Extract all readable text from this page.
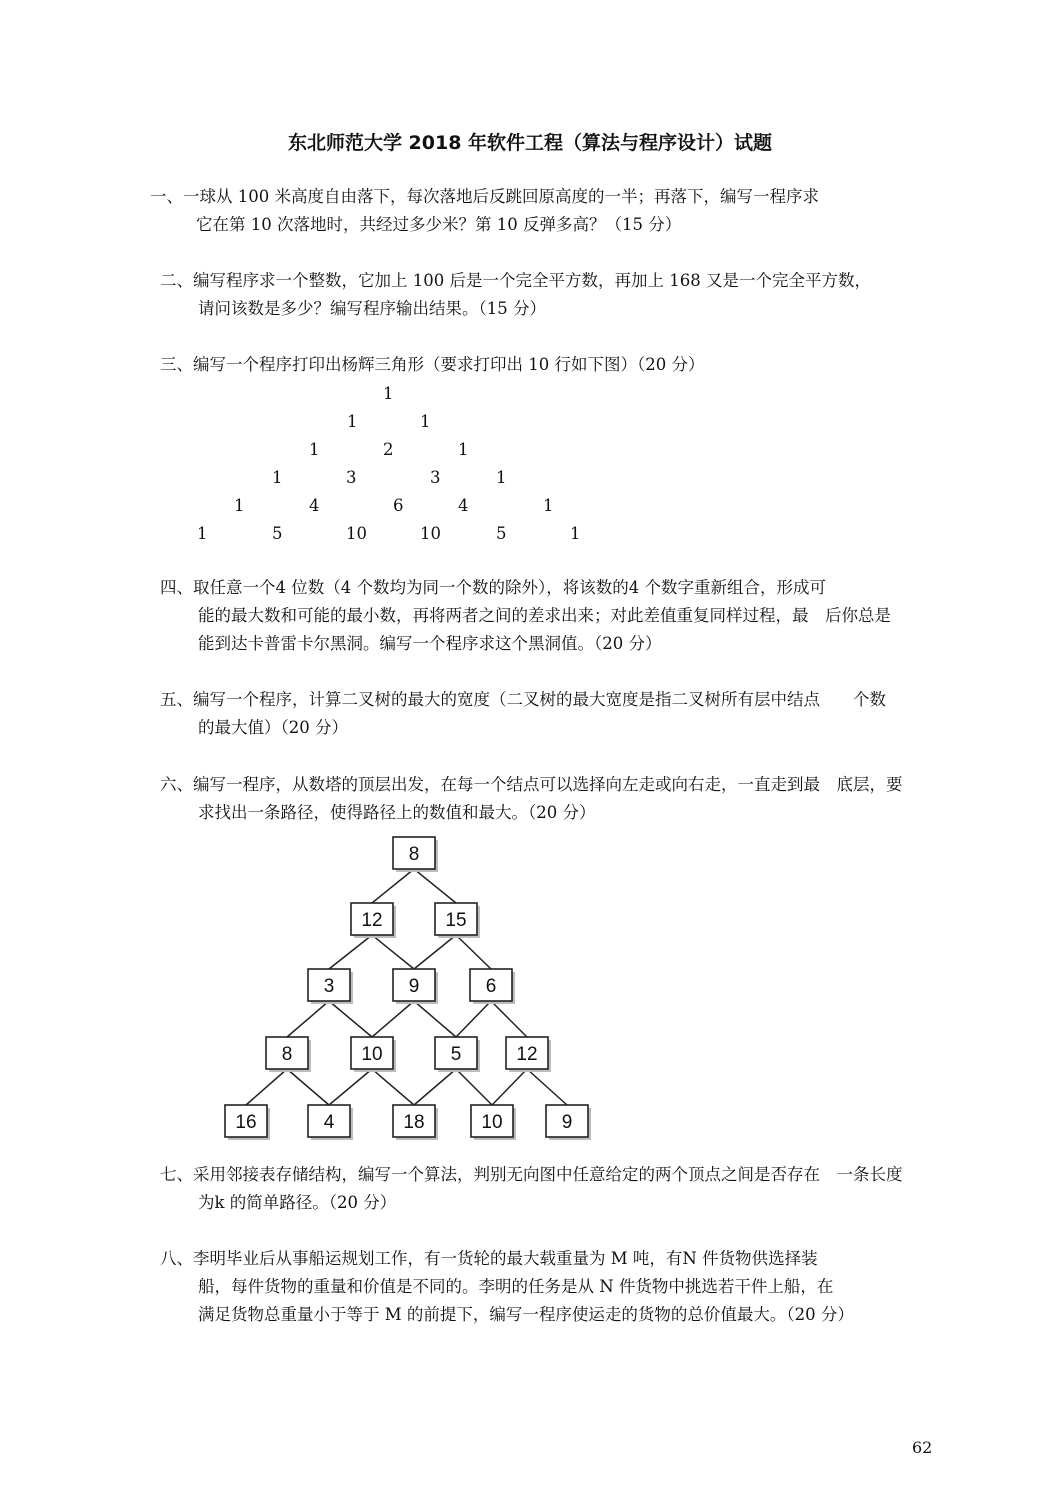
东北师范大学 2018 年软件工程（算法与程序设计）试题
一、一球从 100 米高度自由落下，每次落地后反跳回原高度的一半；再落下，编写一程序求
它在第 10 次落地时，共经过多少米？第 10 反弹多高？（15 分）
二、编写程序求一个整数，它加上 100 后是一个完全平方数，再加上 168 又是一个完全平方数，
请问该数是多少？编写程序输出结果。（15 分）
三、编写一个程序打印出杨辉三角形（要求打印出 10 行如下图）（20 分）
1
1	1
1	2	1
1	3	3	1
1	4	6	4	1
1	5	10	10	5	1
四、取任意一个4 位数（4 个数均为同一个数的除外），将该数的4 个数字重新组合，形成可
能的最大数和可能的最小数，再将两者之间的差求出来；对此差值重复同样过程，最　后你总是
能到达卡普雷卡尔黑洞。编写一个程序求这个黑洞值。（20 分）
五、编写一个程序，计算二叉树的最大的宽度（二叉树的最大宽度是指二叉树所有层中结点　　个数
的最大值）（20 分）
六、编写一程序，从数塔的顶层出发，在每一个结点可以选择向左走或向右走，一直走到最　底层，要
求找出一条路径，使得路径上的数值和最大。（20 分）
8
12	15
3	9	6
8	10	5	12
16	4	18	10	9
七、采用邻接表存储结构，编写一个算法，判别无向图中任意给定的两个顶点之间是否存在　一条长度
为k 的简单路径。（20 分）
八、李明毕业后从事船运规划工作，有一货轮的最大载重量为 M 吨，有N 件货物供选择装
船，每件货物的重量和价值是不同的。李明的任务是从 N 件货物中挑选若干件上船，在
满足货物总重量小于等于 M 的前提下，编写一程序使运走的货物的总价值最大。（20 分）
62
